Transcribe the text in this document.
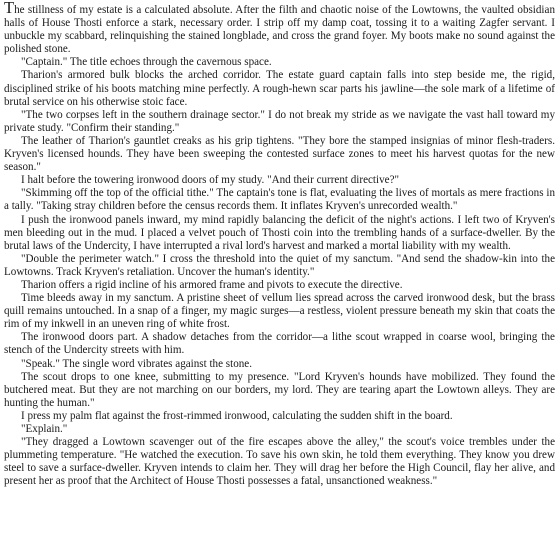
The stillness of my estate is a calculated absolute. After the filth and chaotic noise of the Lowtowns, the vaulted obsidian halls of House Thosti enforce a stark, necessary order. I strip off my damp coat, tossing it to a waiting Zagfer servant. I unbuckle my scabbard, relinquishing the stained longblade, and cross the grand foyer. My boots make no sound against the polished stone.

"Captain." The title echoes through the cavernous space.

Tharion's armored bulk blocks the arched corridor. The estate guard captain falls into step beside me, the rigid, disciplined strike of his boots matching mine perfectly. A rough-hewn scar parts his jawline—the sole mark of a lifetime of brutal service on his otherwise stoic face.

"The two corpses left in the southern drainage sector." I do not break my stride as we navigate the vast hall toward my private study. "Confirm their standing."

The leather of Tharion's gauntlet creaks as his grip tightens. "They bore the stamped insignias of minor flesh-traders. Kryven's licensed hounds. They have been sweeping the contested surface zones to meet his harvest quotas for the new season."

I halt before the towering ironwood doors of my study. "And their current directive?"

"Skimming off the top of the official tithe." The captain's tone is flat, evaluating the lives of mortals as mere fractions in a tally. "Taking stray children before the census records them. It inflates Kryven's unrecorded wealth."

I push the ironwood panels inward, my mind rapidly balancing the deficit of the night's actions. I left two of Kryven's men bleeding out in the mud. I placed a velvet pouch of Thosti coin into the trembling hands of a surface-dweller. By the brutal laws of the Undercity, I have interrupted a rival lord's harvest and marked a mortal liability with my wealth.

"Double the perimeter watch." I cross the threshold into the quiet of my sanctum. "And send the shadow-kin into the Lowtowns. Track Kryven's retaliation. Uncover the human's identity."

Tharion offers a rigid incline of his armored frame and pivots to execute the directive.

Time bleeds away in my sanctum. A pristine sheet of vellum lies spread across the carved ironwood desk, but the brass quill remains untouched. In a snap of a finger, my magic surges—a restless, violent pressure beneath my skin that coats the rim of my inkwell in an uneven ring of white frost.

The ironwood doors part. A shadow detaches from the corridor—a lithe scout wrapped in coarse wool, bringing the stench of the Undercity streets with him.

"Speak." The single word vibrates against the stone.

The scout drops to one knee, submitting to my presence. "Lord Kryven's hounds have mobilized. They found the butchered meat. But they are not marching on our borders, my lord. They are tearing apart the Lowtown alleys. They are hunting the human."

I press my palm flat against the frost-rimmed ironwood, calculating the sudden shift in the board.

"Explain."

"They dragged a Lowtown scavenger out of the fire escapes above the alley," the scout's voice trembles under the plummeting temperature. "He watched the execution. To save his own skin, he told them everything. They know you drew steel to save a surface-dweller. Kryven intends to claim her. They will drag her before the High Council, flay her alive, and present her as proof that the Architect of House Thosti possesses a fatal, unsanctioned weakness."
